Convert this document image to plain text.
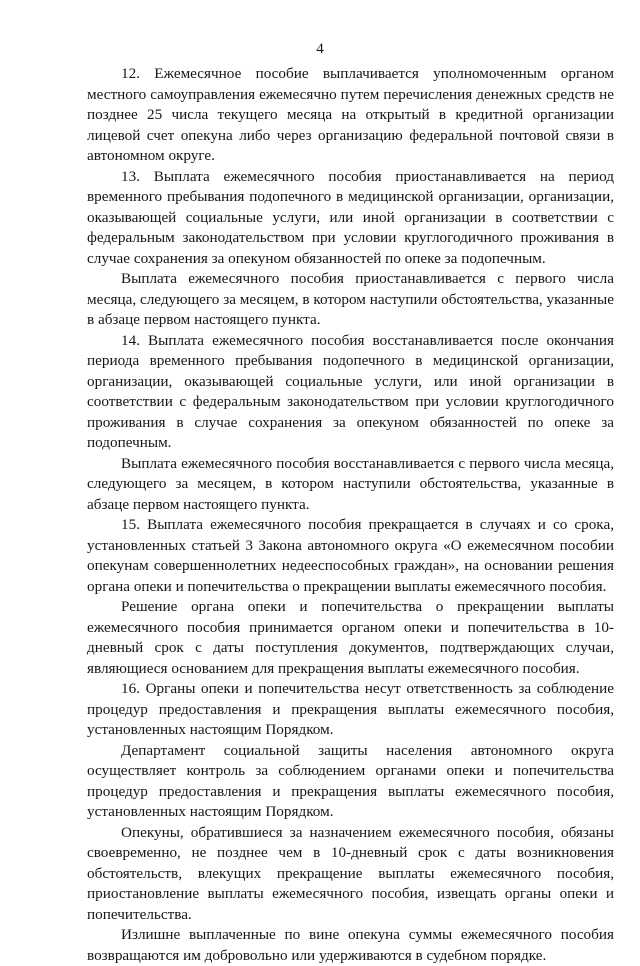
4

12. Ежемесячное пособие выплачивается уполномоченным органом местного самоуправления ежемесячно путем перечисления денежных средств не позднее 25 числа текущего месяца на открытый в кредитной организации лицевой счет опекуна либо через организацию федеральной почтовой связи в автономном округе.

13. Выплата ежемесячного пособия приостанавливается на период временного пребывания подопечного в медицинской организации, организации, оказывающей социальные услуги, или иной организации в соответствии с федеральным законодательством при условии круглогодичного проживания в случае сохранения за опекуном обязанностей по опеке за подопечным.

Выплата ежемесячного пособия приостанавливается с первого числа месяца, следующего за месяцем, в котором наступили обстоятельства, указанные в абзаце первом настоящего пункта.

14. Выплата ежемесячного пособия восстанавливается после окончания периода временного пребывания подопечного в медицинской организации, организации, оказывающей социальные услуги, или иной организации в соответствии с федеральным законодательством при условии круглогодичного проживания в случае сохранения за опекуном обязанностей по опеке за подопечным.

Выплата ежемесячного пособия восстанавливается с первого числа месяца, следующего за месяцем, в котором наступили обстоятельства, указанные в абзаце первом настоящего пункта.

15. Выплата ежемесячного пособия прекращается в случаях и со срока, установленных статьей 3 Закона автономного округа «О ежемесячном пособии опекунам совершеннолетних недееспособных граждан», на основании решения органа опеки и попечительства о прекращении выплаты ежемесячного пособия.

Решение органа опеки и попечительства о прекращении выплаты ежемесячного пособия принимается органом опеки и попечительства в 10-дневный срок с даты поступления документов, подтверждающих случаи, являющиеся основанием для прекращения выплаты ежемесячного пособия.

16. Органы опеки и попечительства несут ответственность за соблюдение процедур предоставления и прекращения выплаты ежемесячного пособия, установленных настоящим Порядком.

Департамент социальной защиты населения автономного округа осуществляет контроль за соблюдением органами опеки и попечительства процедур предоставления и прекращения выплаты ежемесячного пособия, установленных настоящим Порядком.

Опекуны, обратившиеся за назначением ежемесячного пособия, обязаны своевременно, не позднее чем в 10-дневный срок с даты возникновения обстоятельств, влекущих прекращение выплаты ежемесячного пособия, приостановление выплаты ежемесячного пособия, извещать органы опеки и попечительства.

Излишне выплаченные по вине опекуна суммы ежемесячного пособия возвращаются им добровольно или удерживаются в судебном порядке.
